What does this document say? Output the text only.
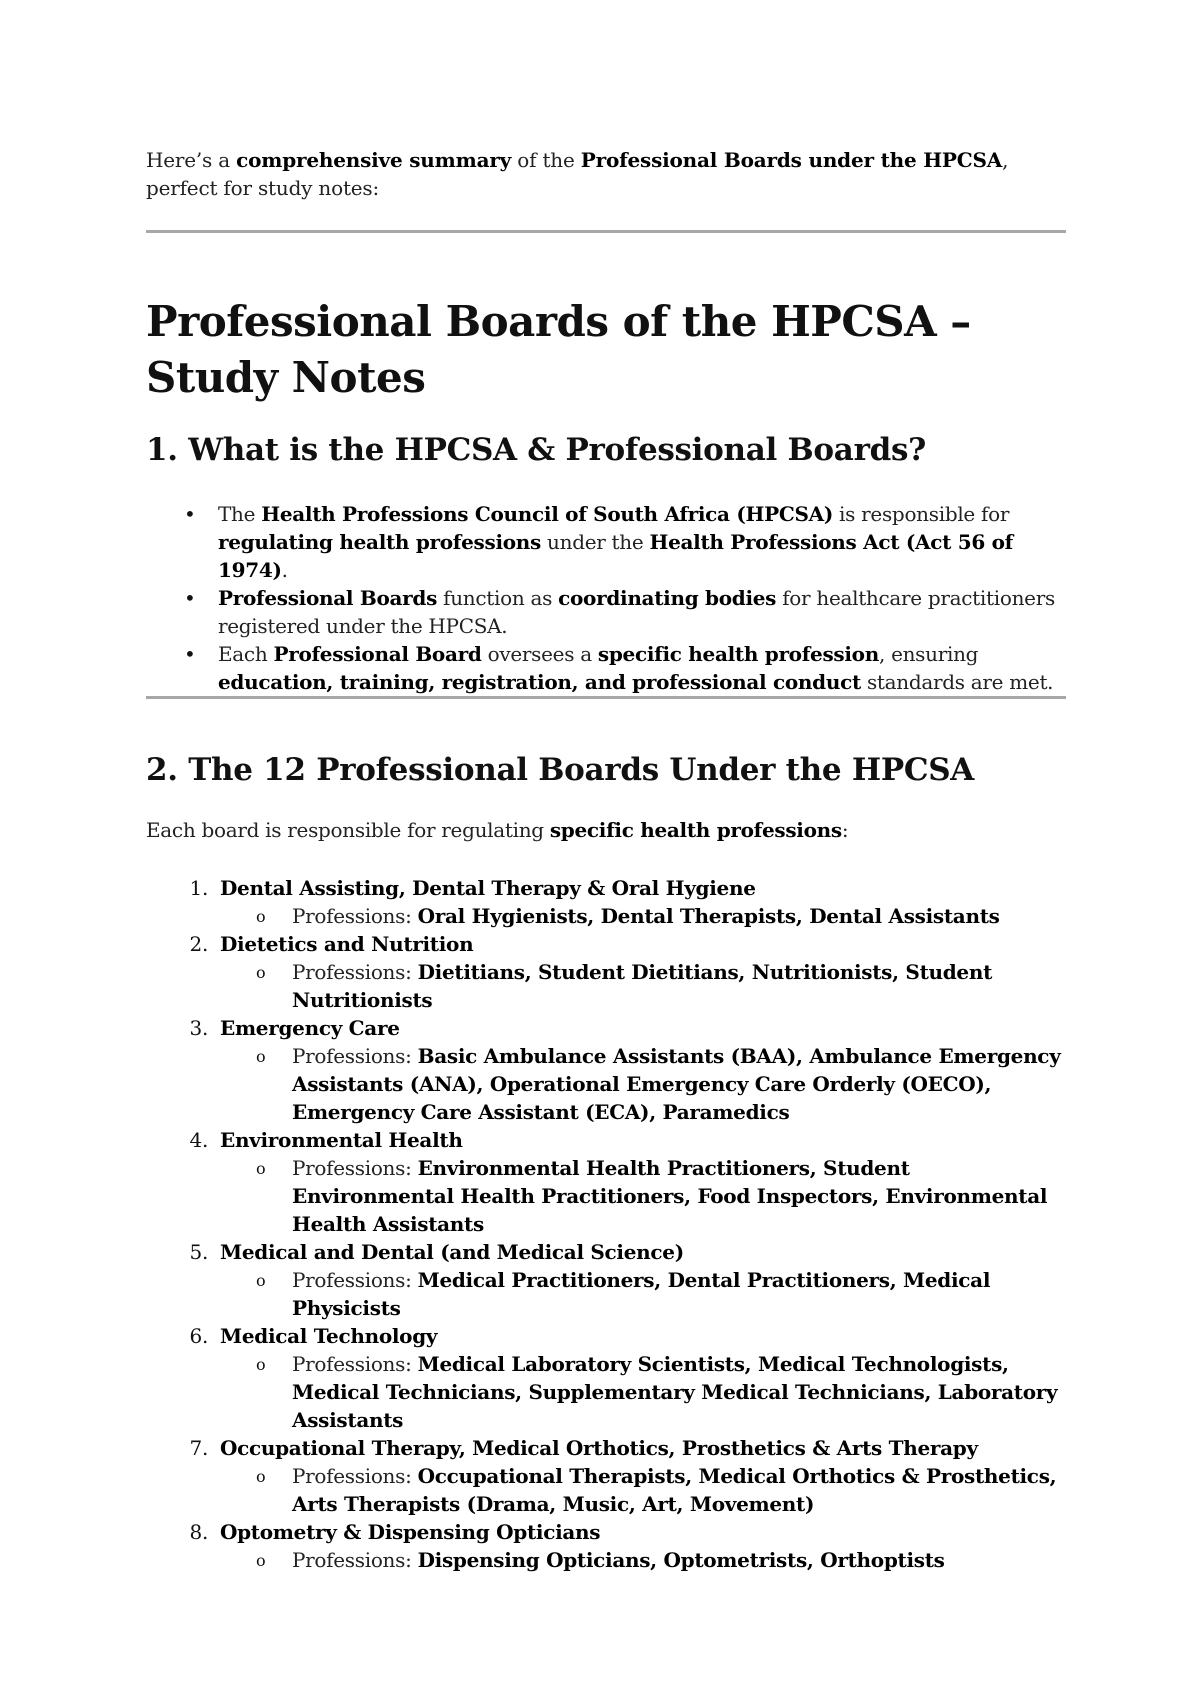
Here’s a comprehensive summary of the Professional Boards under the HPCSA, perfect for study notes:

Professional Boards of the HPCSA – Study Notes
1. What is the HPCSA & Professional Boards?
• The Health Professions Council of South Africa (HPCSA) is responsible for regulating health professions under the Health Professions Act (Act 56 of 1974).
• Professional Boards function as coordinating bodies for healthcare practitioners registered under the HPCSA.
• Each Professional Board oversees a specific health profession, ensuring education, training, registration, and professional conduct standards are met.
2. The 12 Professional Boards Under the HPCSA

Each board is responsible for regulating specific health professions:

1. Dental Assisting, Dental Therapy & Oral Hygiene
o Professions: Oral Hygienists, Dental Therapists, Dental Assistants
2. Dietetics and Nutrition
o Professions: Dietitians, Student Dietitians, Nutritionists, Student Nutritionists
3. Emergency Care
o Professions: Basic Ambulance Assistants (BAA), Ambulance Emergency Assistants (ANA), Operational Emergency Care Orderly (OECO), Emergency Care Assistant (ECA), Paramedics
4. Environmental Health
o Professions: Environmental Health Practitioners, Student Environmental Health Practitioners, Food Inspectors, Environmental Health Assistants
5. Medical and Dental (and Medical Science)
o Professions: Medical Practitioners, Dental Practitioners, Medical Physicists
6. Medical Technology
o Professions: Medical Laboratory Scientists, Medical Technologists, Medical Technicians, Supplementary Medical Technicians, Laboratory Assistants
7. Occupational Therapy, Medical Orthotics, Prosthetics & Arts Therapy
o Professions: Occupational Therapists, Medical Orthotics & Prosthetics, Arts Therapists (Drama, Music, Art, Movement)
8. Optometry & Dispensing Opticians
o Professions: Dispensing Opticians, Optometrists, Orthoptists
